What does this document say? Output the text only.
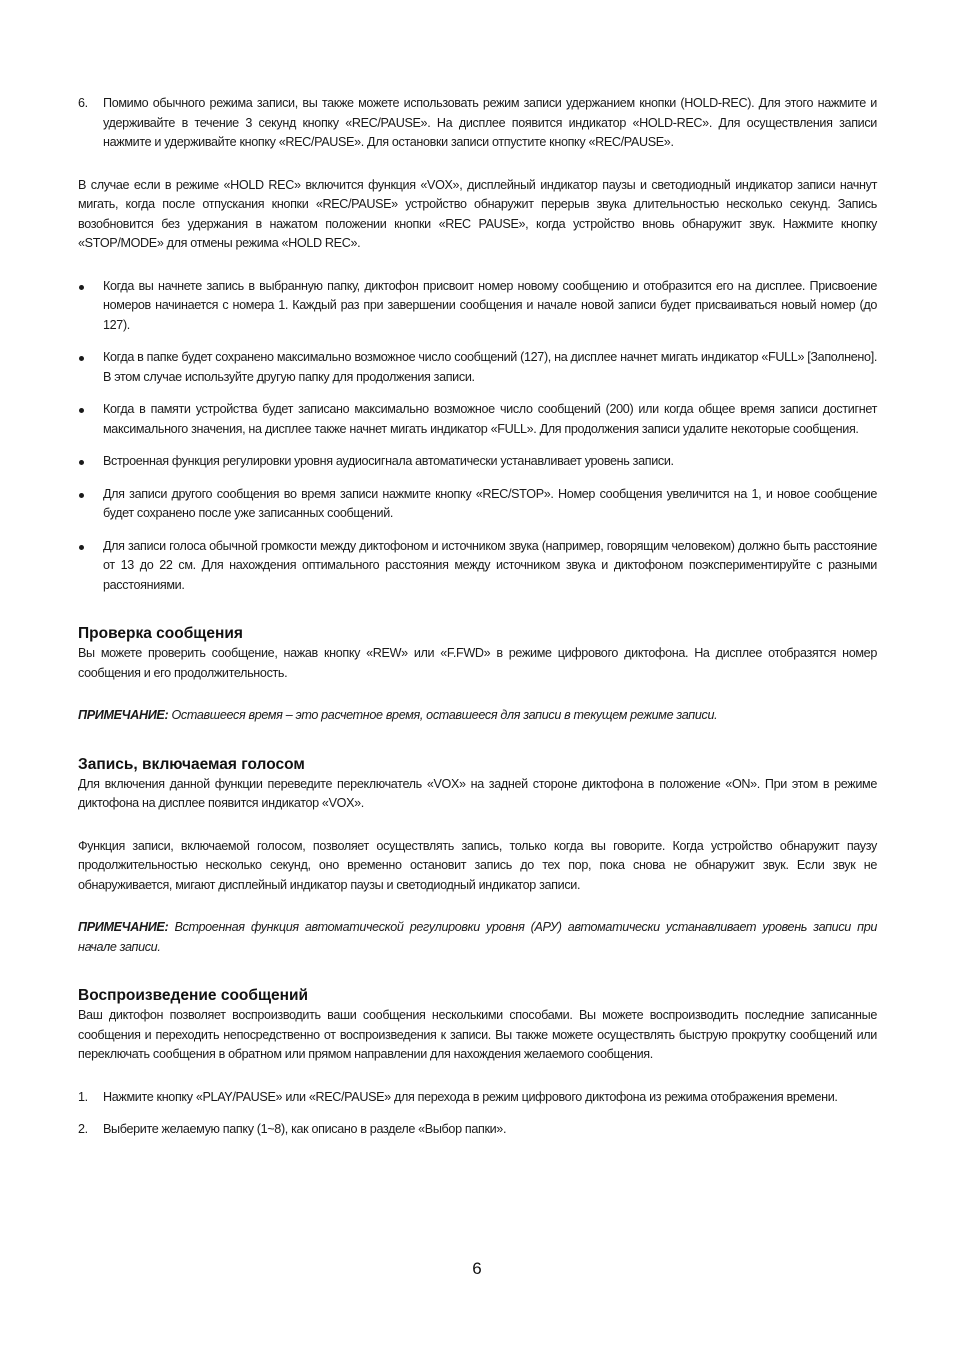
6. Помимо обычного режима записи, вы также можете использовать режим записи удержанием кнопки (HOLD-REC). Для этого нажмите и удерживайте в течение 3 секунд кнопку «REC/PAUSE». На дисплее появится индикатор «HOLD-REC». Для осуществления записи нажмите и удерживайте кнопку «REC/PAUSE». Для остановки записи отпустите кнопку «REC/PAUSE».

В случае если в режиме «HOLD REC» включится функция «VOX», дисплейный индикатор паузы и светодиодный индикатор записи начнут мигать, когда после отпускания кнопки «REC/PAUSE» устройство обнаружит перерыв звука длительностью несколько секунд. Запись возобновится без удержания в нажатом положении кнопки «REC PAUSE», когда устройство вновь обнаружит звук. Нажмите кнопку «STOP/MODE» для отмены режима «HOLD REC».

Когда вы начнете запись в выбранную папку, диктофон присвоит номер новому сообщению и отобразится его на дисплее. Присвоение номеров начинается с номера 1. Каждый раз при завершении сообщения и начале новой записи будет присваиваться новый номер (до 127).
Когда в папке будет сохранено максимально возможное число сообщений (127), на дисплее начнет мигать индикатор «FULL» [Заполнено]. В этом случае используйте другую папку для продолжения записи.
Когда в памяти устройства будет записано максимально возможное число сообщений (200) или когда общее время записи достигнет максимального значения, на дисплее также начнет мигать индикатор «FULL». Для продолжения записи удалите некоторые сообщения.
Встроенная функция регулировки уровня аудиосигнала автоматически устанавливает уровень записи.
Для записи другого сообщения во время записи нажмите кнопку «REC/STOP». Номер сообщения увеличится на 1, и новое сообщение будет сохранено после уже записанных сообщений.
Для записи голоса обычной громкости между диктофоном и источником звука (например, говорящим человеком) должно быть расстояние от 13 до 22 см. Для нахождения оптимального расстояния между источником звука и диктофоном поэкспериментируйте с разными расстояниями.
Проверка сообщения

Вы можете проверить сообщение, нажав кнопку «REW» или «F.FWD» в режиме цифрового диктофона. На дисплее отобразятся номер сообщения и его продолжительность.

ПРИМЕЧАНИЕ: Оставшееся время – это расчетное время, оставшееся для записи в текущем режиме записи.

Запись, включаемая голосом

Для включения данной функции переведите переключатель «VOX» на задней стороне диктофона в положение «ON». При этом в режиме диктофона на дисплее появится индикатор «VOX».

Функция записи, включаемой голосом, позволяет осуществлять запись, только когда вы говорите. Когда устройство обнаружит паузу продолжительностью несколько секунд, оно временно остановит запись до тех пор, пока снова не обнаружит звук. Если звук не обнаруживается, мигают дисплейный индикатор паузы и светодиодный индикатор записи.

ПРИМЕЧАНИЕ: Встроенная функция автоматической регулировки уровня (АРУ) автоматически устанавливает уровень записи при начале записи.

Воспроизведение сообщений

Ваш диктофон позволяет воспроизводить ваши сообщения несколькими способами. Вы можете воспроизводить последние записанные сообщения и переходить непосредственно от воспроизведения к записи. Вы также можете осуществлять быструю прокрутку сообщений или переключать сообщения в обратном или прямом направлении для нахождения желаемого сообщения.

1. Нажмите кнопку «PLAY/PAUSE» или «REC/PAUSE» для перехода в режим цифрового диктофона из режима отображения времени.
2. Выберите желаемую папку (1~8), как описано в разделе «Выбор папки».
6
